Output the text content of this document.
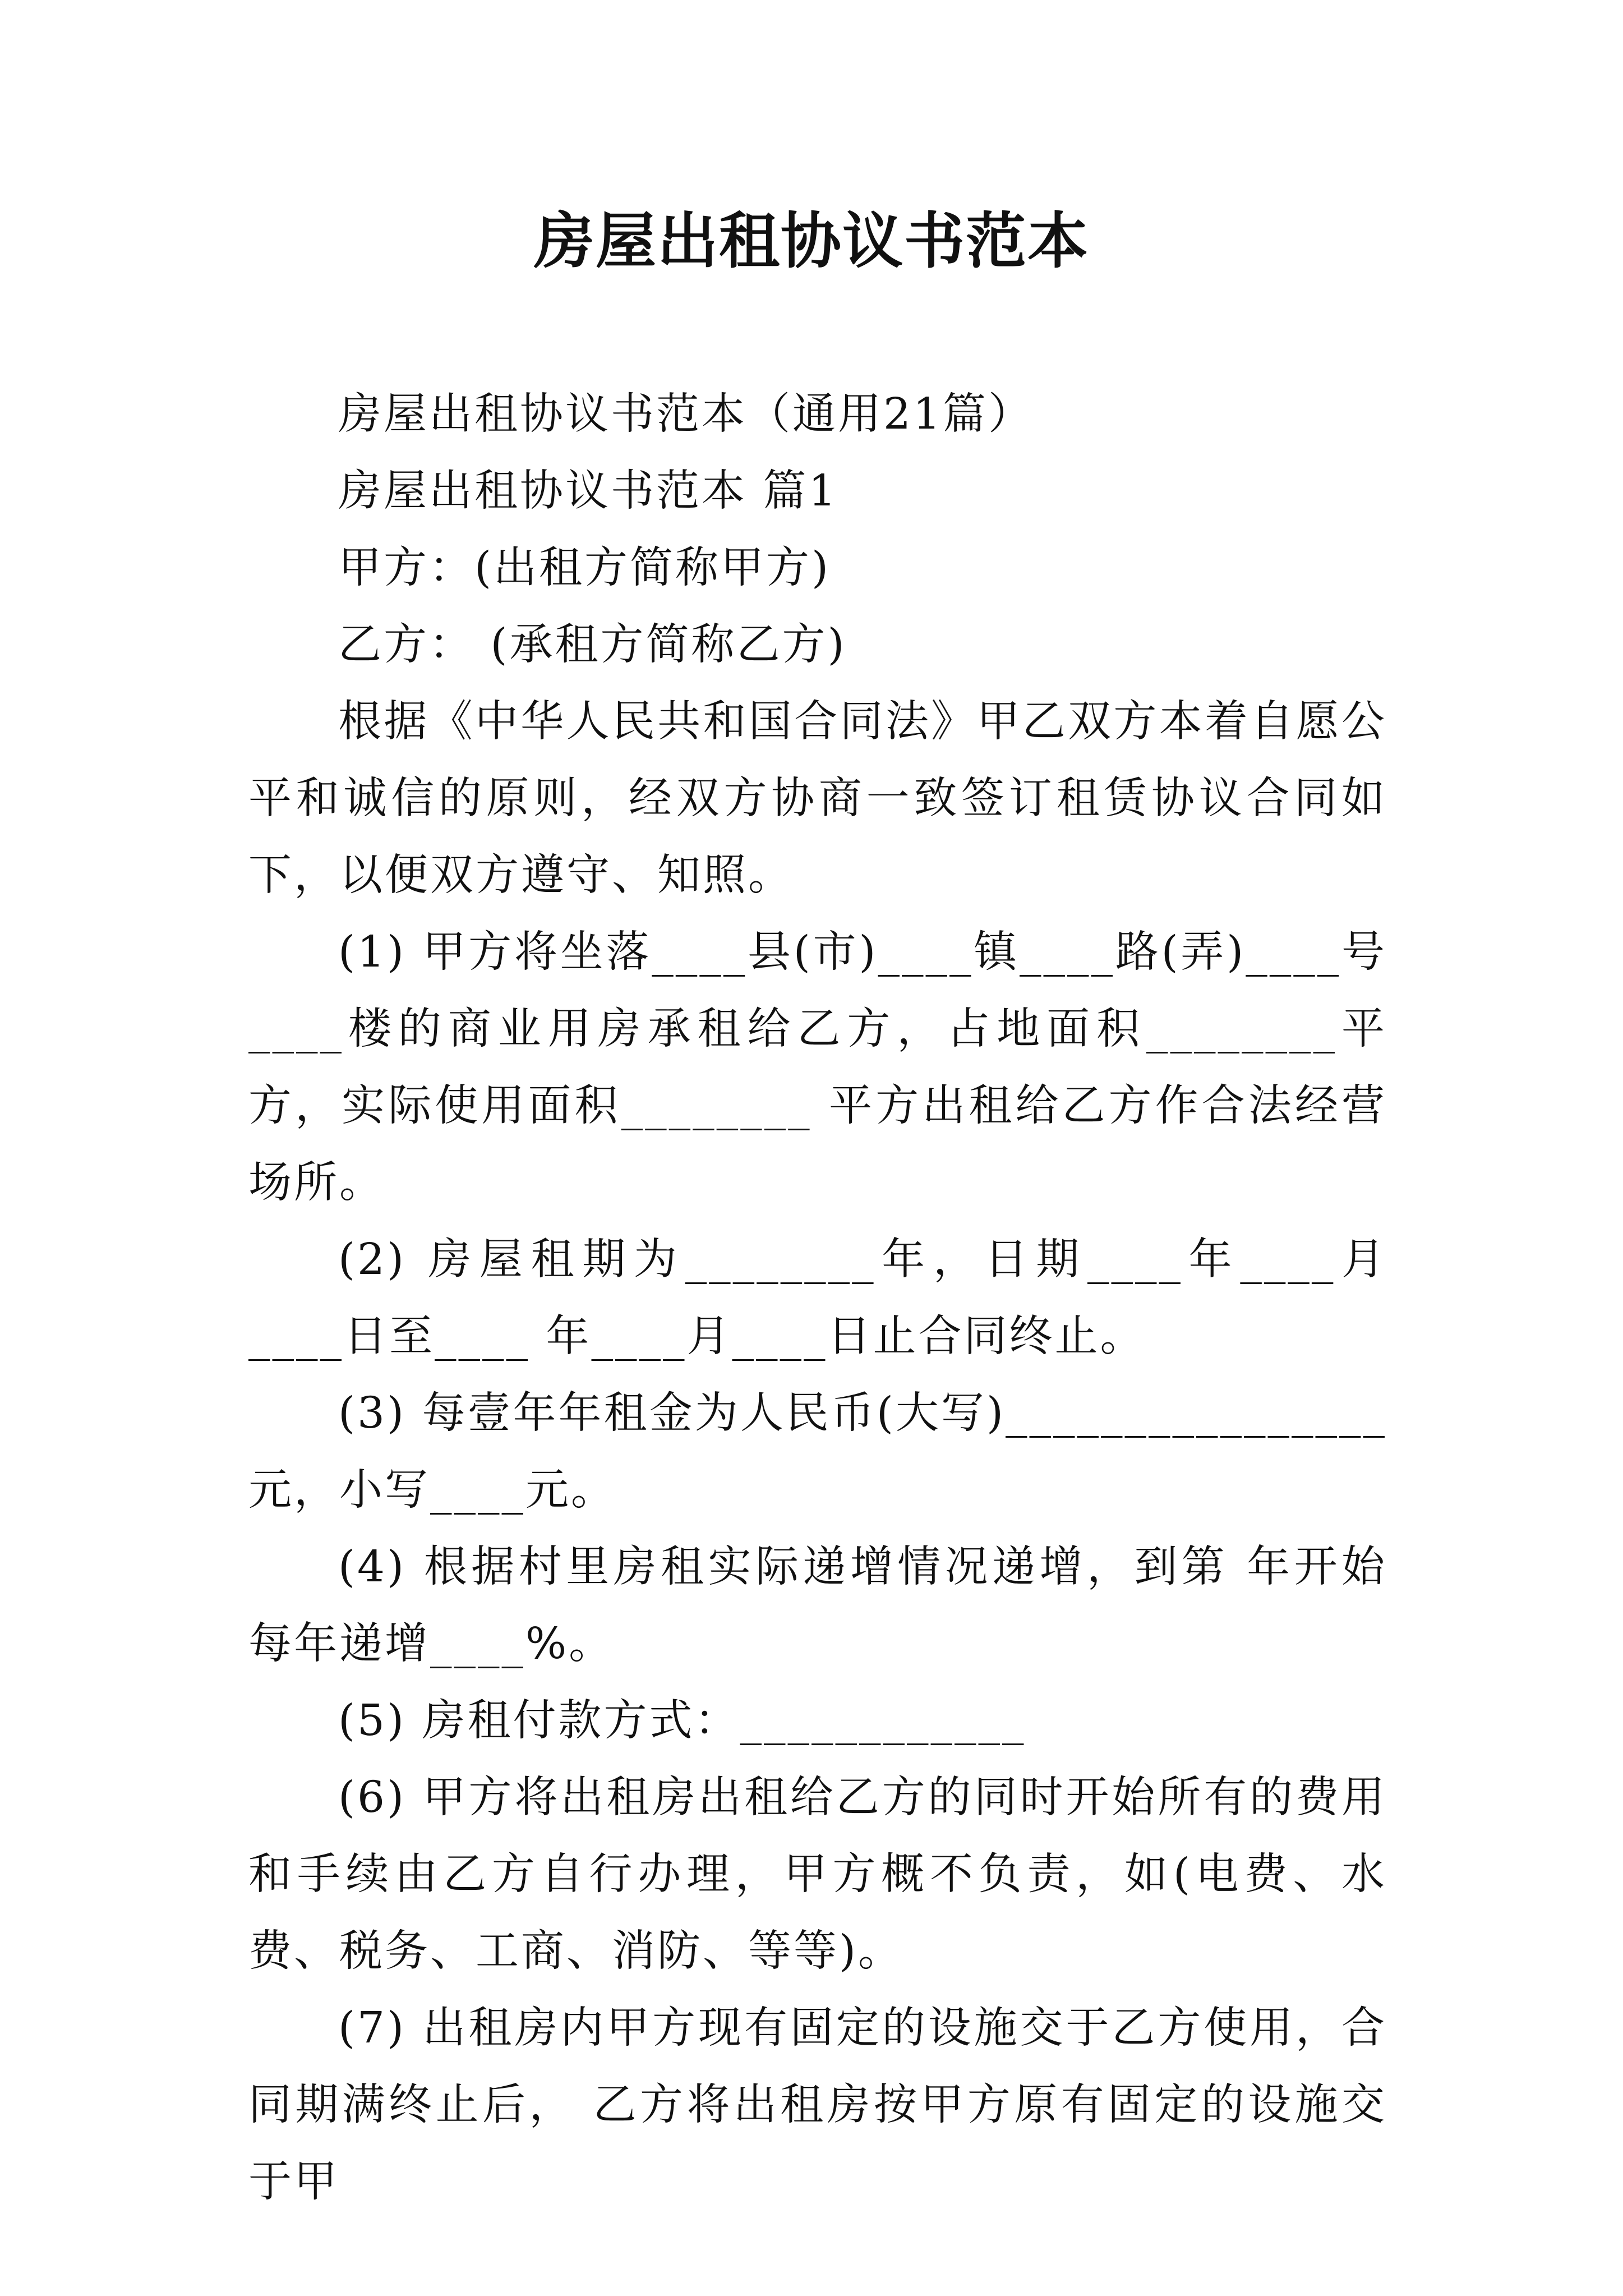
房屋出租协议书范本

房屋出租协议书范本（通用21篇）

房屋出租协议书范本 篇1

甲方：(出租方简称甲方)

乙方： (承租方简称乙方)

根据《中华人民共和国合同法》甲乙双方本着自愿公平和诚信的原则，经双方协商一致签订租赁协议合同如下，以便双方遵守、知照。

(1) 甲方将坐落____县(市)____镇____路(弄)____号____楼的商业用房承租给乙方，占地面积________平方，实际使用面积________ 平方出租给乙方作合法经营场所。

(2) 房屋租期为________年，日期____年____月____日至____ 年____月____日止合同终止。

(3) 每壹年年租金为人民币(大写)________________元，小写____元。

(4) 根据村里房租实际递增情况递增，到第 年开始每年递增____%。

(5) 房租付款方式：____________

(6) 甲方将出租房出租给乙方的同时开始所有的费用和手续由乙方自行办理，甲方概不负责，如(电费、水费、税务、工商、消防、等等)。

(7) 出租房内甲方现有固定的设施交于乙方使用，合同期满终止后， 乙方将出租房按甲方原有固定的设施交于甲
